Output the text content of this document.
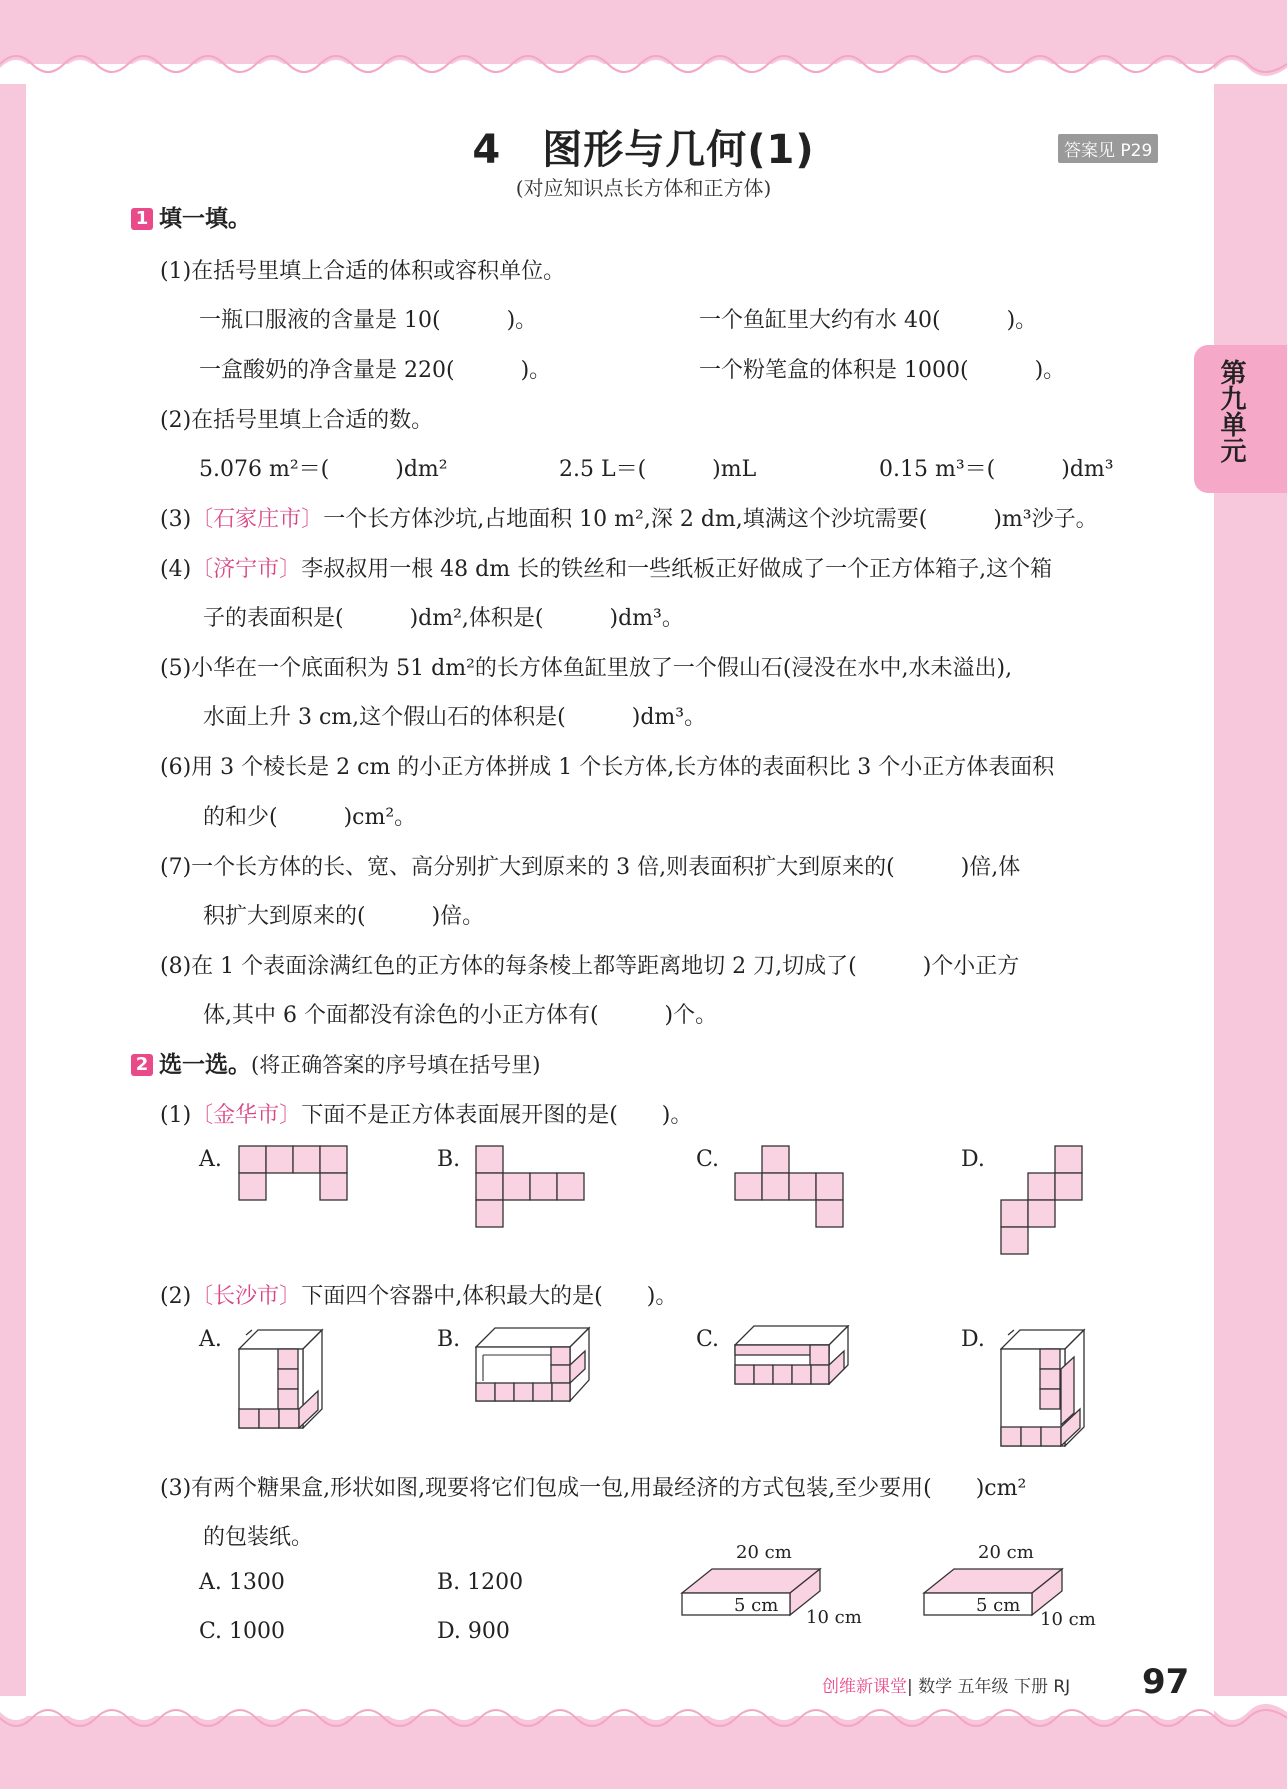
4　图形与几何(1)
(对应知识点长方体和正方体)
答案见 P29
第九单元
1 填一填。
(1)在括号里填上合适的体积或容积单位。
一瓶口服液的含量是 10(　　　)。	一个鱼缸里大约有水 40(　　　)。
一盒酸奶的净含量是 220(　　　)。	一个粉笔盒的体积是 1000(　　　)。
(2)在括号里填上合适的数。
5.076 m²＝(　　　)dm²	2.5 L＝(　　　)mL	0.15 m³＝(　　　)dm³
(3)〔石家庄市〕一个长方体沙坑,占地面积 10 m²,深 2 dm,填满这个沙坑需要(　　　)m³沙子。
(4)〔济宁市〕李叔叔用一根 48 dm 长的铁丝和一些纸板正好做成了一个正方体箱子,这个箱
子的表面积是(　　　)dm²,体积是(　　　)dm³。
(5)小华在一个底面积为 51 dm²的长方体鱼缸里放了一个假山石(浸没在水中,水未溢出),
水面上升 3 cm,这个假山石的体积是(　　　)dm³。
(6)用 3 个棱长是 2 cm 的小正方体拼成 1 个长方体,长方体的表面积比 3 个小正方体表面积
的和少(　　　)cm²。
(7)一个长方体的长、宽、高分别扩大到原来的 3 倍,则表面积扩大到原来的(　　　)倍,体
积扩大到原来的(　　　)倍。
(8)在 1 个表面涂满红色的正方体的每条棱上都等距离地切 2 刀,切成了(　　　)个小正方
体,其中 6 个面都没有涂色的小正方体有(　　　)个。
2 选一选。(将正确答案的序号填在括号里)
(1)〔金华市〕下面不是正方体表面展开图的是(　　)。
A.	B.	C.	D.
(2)〔长沙市〕下面四个容器中,体积最大的是(　　)。
A.	B.	C.	D.
(3)有两个糖果盒,形状如图,现要将它们包成一包,用最经济的方式包装,至少要用(　　)cm²
的包装纸。
A. 1300	B. 1200
C. 1000	D. 900
20 cm
5 cm
10 cm
20 cm
5 cm
10 cm
创维新课堂| 数学 五年级 下册 RJ 97
